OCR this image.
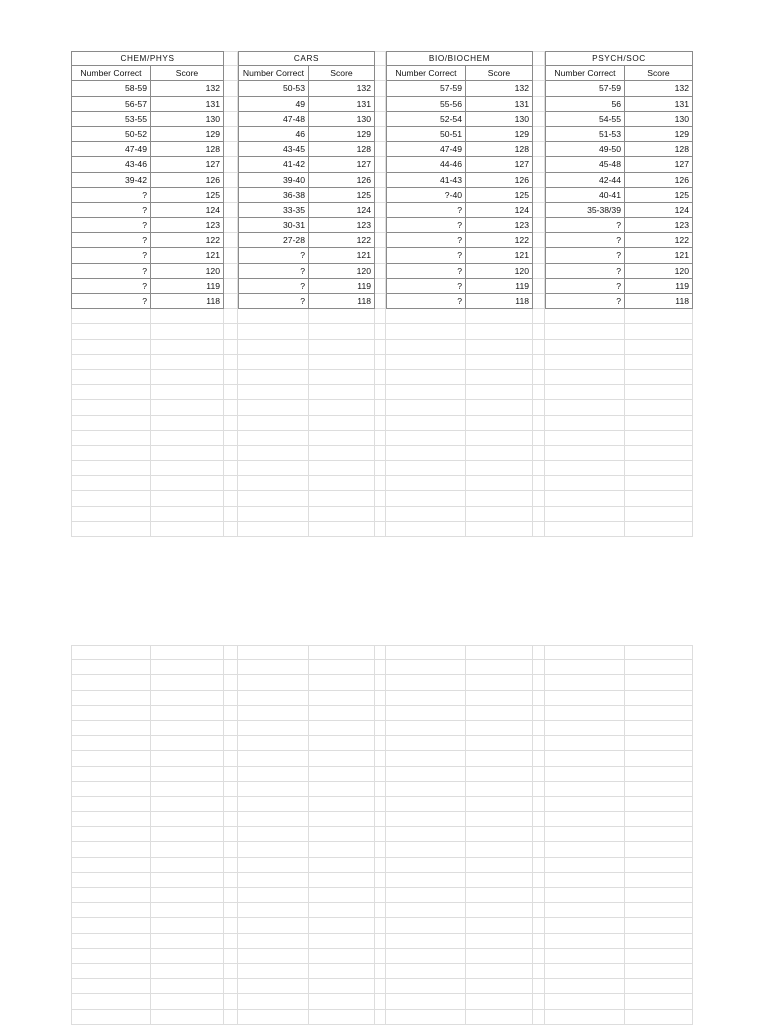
CHEM/PHYS	CARS	BIO/BIOCHEM	PSYCH/SOC
Number Correct	Score	Number Correct	Score	Number Correct	Score	Number Correct	Score
58-59	132	50-53	132	57-59	132	57-59	132
56-57	131	49	131	55-56	131	56	131
53-55	130	47-48	130	52-54	130	54-55	130
50-52	129	46	129	50-51	129	51-53	129
47-49	128	43-45	128	47-49	128	49-50	128
43-46	127	41-42	127	44-46	127	45-48	127
39-42	126	39-40	126	41-43	126	42-44	126
?	125	36-38	125	?-40	125	40-41	125
?	124	33-35	124	?	124	35-38/39	124
?	123	30-31	123	?	123	?	123
?	122	27-28	122	?	122	?	122
?	121	?	121	?	121	?	121
?	120	?	120	?	120	?	120
?	119	?	119	?	119	?	119
?	118	?	118	?	118	?	118
